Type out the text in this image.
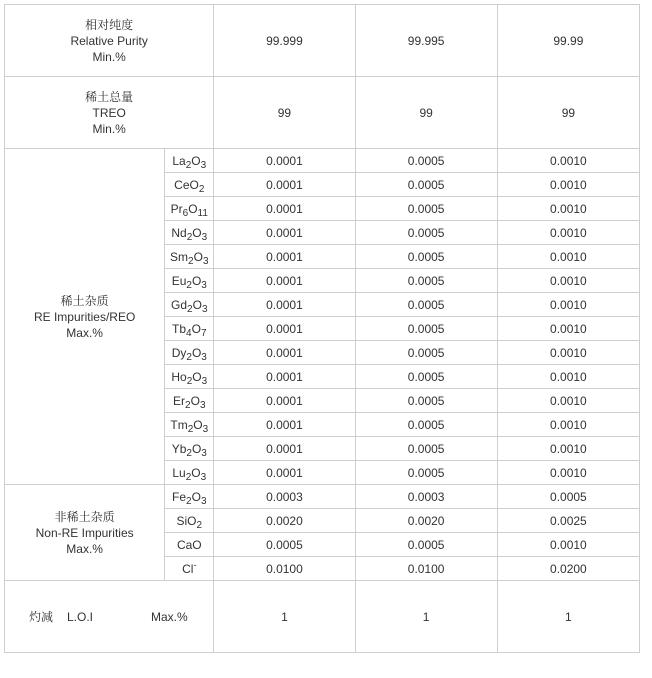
相对纯度
Relative Purity
Min.%		99.999	99.995	99.99

稀土总量
TREO
Min.%		99	99	99

稀土杂质
RE Impurities/REO
Max.%	$La_2O_3$	0.0001	0.0005	0.0010
	CeO$_2$	0.0001	0.0005	0.0010
	$Pr_6O_{11}$	0.0001	0.0005	0.0010
	$Nd_2O_3$	0.0001	0.0005	0.0010
	$Sm_2O_3$	0.0001	0.0005	0.0010
	$Eu_2O_3$	0.0001	0.0005	0.0010
	$Gd_2O_3$	0.0001	0.0005	0.0010
	$Tb_4O_7$	0.0001	0.0005	0.0010
	$Dy_2O_3$	0.0001	0.0005	0.0010
	$Ho_2O_3$	0.0001	0.0005	0.0010
	$Er_2O_3$	0.0001	0.0005	0.0010
	$Tm_2O_3$	0.0001	0.0005	0.0010
	$Yb_2O_3$	0.0001	0.0005	0.0010
	$Lu_2O_3$	0.0001	0.0005	0.0010

非稀土杂质
Non-RE Impurities
Max.%	$Fe_2O_3$	0.0003	0.0003	0.0005
	SiO$_2$	0.0020	0.0020	0.0025
	CaO	0.0005	0.0005	0.0010
	Cl-	0.0100	0.0100	0.0200
灼减 L.O.I Max.%		1	1	1
